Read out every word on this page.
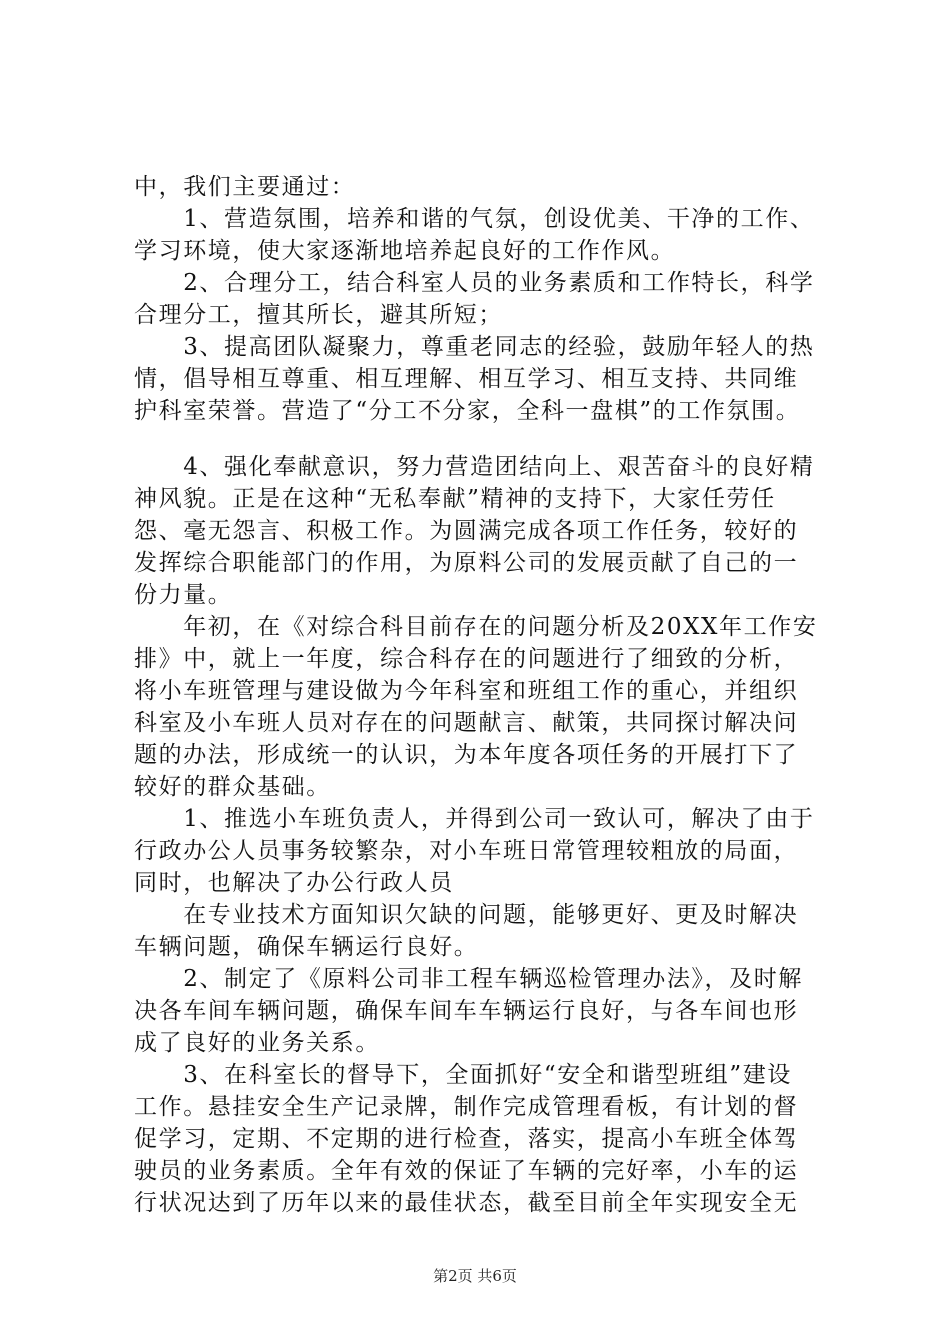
中，我们主要通过：
　　1、营造氛围，培养和谐的气氛，创设优美、干净的工作、
学习环境，使大家逐渐地培养起良好的工作作风。
　　2、合理分工，结合科室人员的业务素质和工作特长，科学
合理分工，擅其所长，避其所短；
　　3、提高团队凝聚力，尊重老同志的经验，鼓励年轻人的热
情，倡导相互尊重、相互理解、相互学习、相互支持、共同维
护科室荣誉。营造了“分工不分家，全科一盘棋”的工作氛围。
　　4、强化奉献意识，努力营造团结向上、艰苦奋斗的良好精
神风貌。正是在这种“无私奉献”精神的支持下，大家任劳任
怨、毫无怨言、积极工作。为圆满完成各项工作任务，较好的
发挥综合职能部门的作用，为原料公司的发展贡献了自己的一
份力量。
　　年初，在《对综合科目前存在的问题分析及20XX年工作安
排》中，就上一年度，综合科存在的问题进行了细致的分析，
将小车班管理与建设做为今年科室和班组工作的重心，并组织
科室及小车班人员对存在的问题献言、献策，共同探讨解决问
题的办法，形成统一的认识，为本年度各项任务的开展打下了
较好的群众基础。
　　1、推选小车班负责人，并得到公司一致认可，解决了由于
行政办公人员事务较繁杂，对小车班日常管理较粗放的局面，
同时，也解决了办公行政人员
　　在专业技术方面知识欠缺的问题，能够更好、更及时解决
车辆问题，确保车辆运行良好。
　　2、制定了《原料公司非工程车辆巡检管理办法》，及时解
决各车间车辆问题，确保车间车车辆运行良好，与各车间也形
成了良好的业务关系。
　　3、在科室长的督导下，全面抓好“安全和谐型班组”建设
工作。悬挂安全生产记录牌，制作完成管理看板，有计划的督
促学习，定期、不定期的进行检查，落实，提高小车班全体驾
驶员的业务素质。全年有效的保证了车辆的完好率，小车的运
行状况达到了历年以来的最佳状态，截至目前全年实现安全无
第2页 共6页
